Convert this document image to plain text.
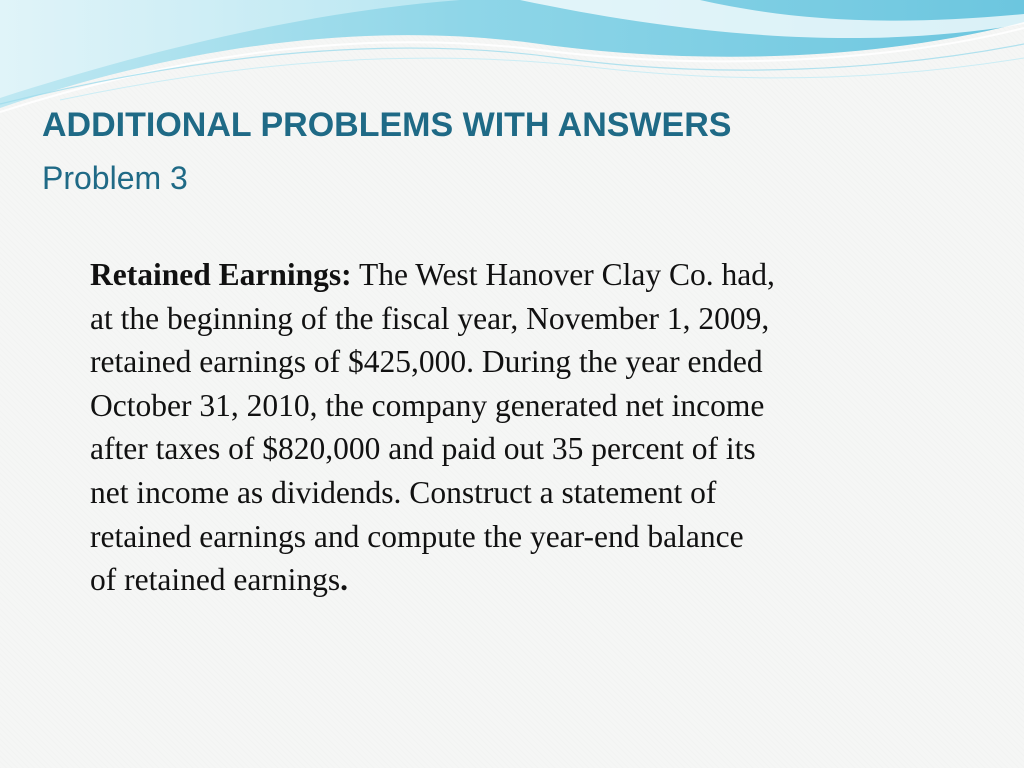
ADDITIONAL PROBLEMS WITH ANSWERS
Problem 3

Retained Earnings: The West Hanover Clay Co. had,
at the beginning of the fiscal year, November 1, 2009,
retained earnings of $425,000. During the year ended
October 31, 2010, the company generated net income
after taxes of $820,000 and paid out 35 percent of its
net income as dividends. Construct a statement of
retained earnings and compute the year-end balance
of retained earnings.
